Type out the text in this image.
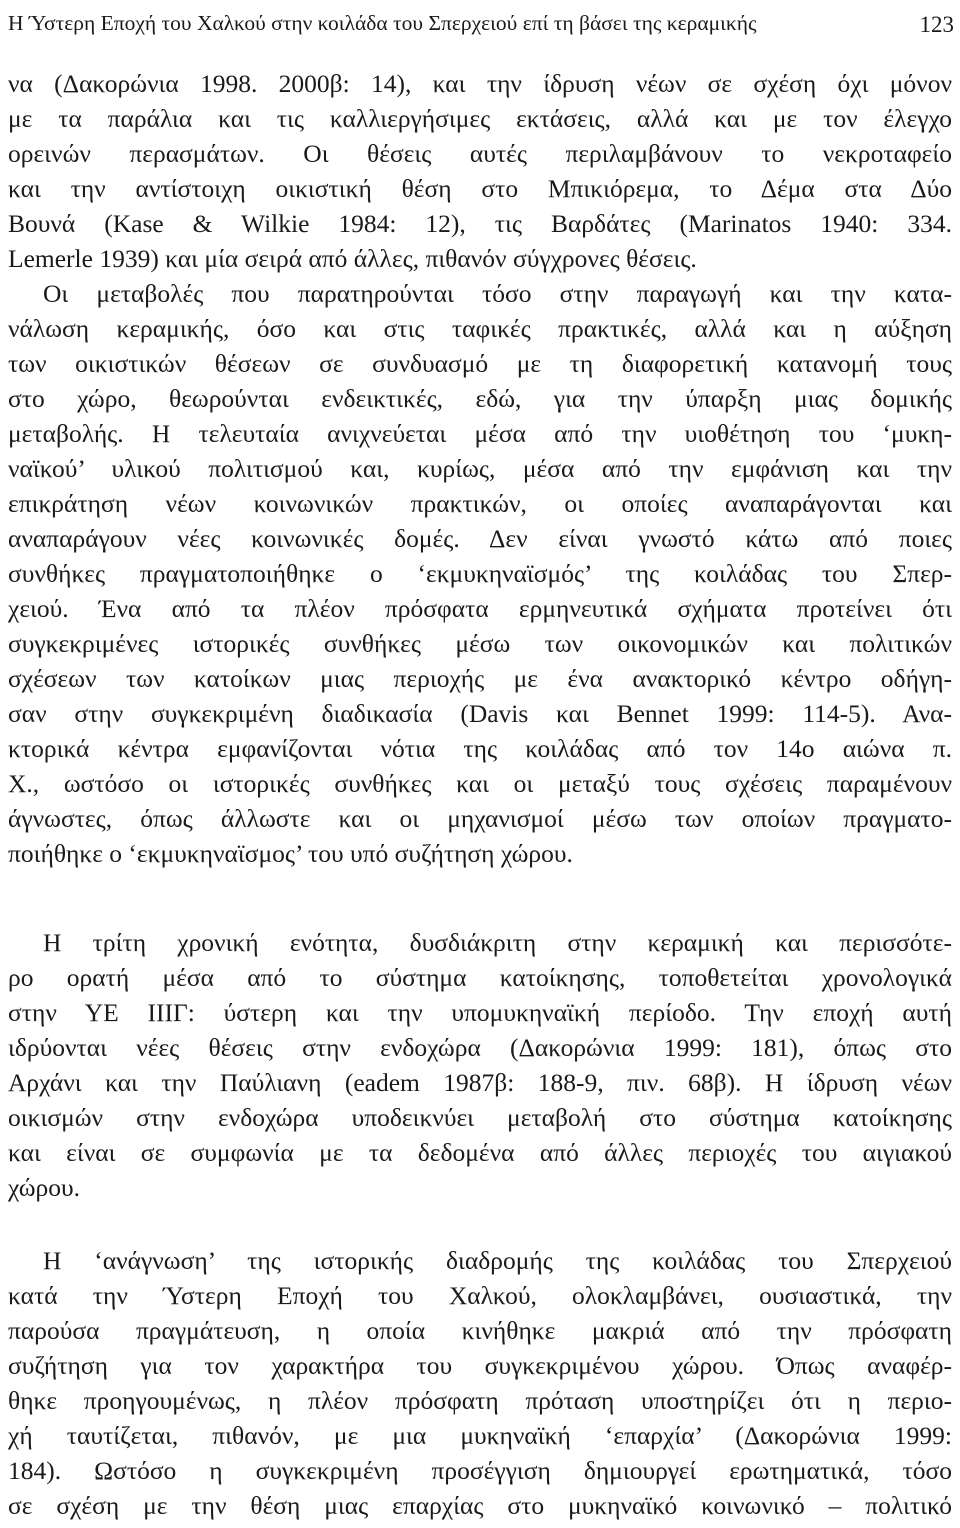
Η Ύστερη Εποχή του Χαλκού στην κοιλάδα του Σπερχειού επί τη βάσει της κεραμικής	123
να (Δακορώνια 1998. 2000β: 14), και την ίδρυση νέων σε σχέση όχι μόνον
με τα παράλια και τις καλλιεργήσιμες εκτάσεις, αλλά και με τον έλεγχο
ορεινών περασμάτων. Οι θέσεις αυτές περιλαμβάνουν το νεκροταφείο
και την αντίστοιχη οικιστική θέση στο Μπικιόρεμα, το Δέμα στα Δύο
Βουνά (Kase & Wilkie 1984: 12), τις Βαρδάτες (Marinatos 1940: 334.
Lemerle 1939) και μία σειρά από άλλες, πιθανόν σύγχρονες θέσεις.
Οι μεταβολές που παρατηρούνται τόσο στην παραγωγή και την κατα-
νάλωση κεραμικής, όσο και στις ταφικές πρακτικές, αλλά και η αύξηση
των οικιστικών θέσεων σε συνδυασμό με τη διαφορετική κατανομή τους
στο χώρο, θεωρούνται ενδεικτικές, εδώ, για την ύπαρξη μιας δομικής
μεταβολής. Η τελευταία ανιχνεύεται μέσα από την υιοθέτηση του ‘μυκη-
ναϊκού’ υλικού πολιτισμού και, κυρίως, μέσα από την εμφάνιση και την
επικράτηση νέων κοινωνικών πρακτικών, οι οποίες αναπαράγονται και
αναπαράγουν νέες κοινωνικές δομές. Δεν είναι γνωστό κάτω από ποιες
συνθήκες πραγματοποιήθηκε ο ‘εκμυκηναϊσμός’ της κοιλάδας του Σπερ-
χειού. Ένα από τα πλέον πρόσφατα ερμηνευτικά σχήματα προτείνει ότι
συγκεκριμένες ιστορικές συνθήκες μέσω των οικονομικών και πολιτικών
σχέσεων των κατοίκων μιας περιοχής με ένα ανακτορικό κέντρο οδήγη-
σαν στην συγκεκριμένη διαδικασία (Davis και Bennet 1999: 114-5). Ανα-
κτορικά κέντρα εμφανίζονται νότια της κοιλάδας από τον 14ο αιώνα π.
Χ., ωστόσο οι ιστορικές συνθήκες και οι μεταξύ τους σχέσεις παραμένουν
άγνωστες, όπως άλλωστε και οι μηχανισμοί μέσω των οποίων πραγματο-
ποιήθηκε ο ‘εκμυκηναϊσμος’ του υπό συζήτηση χώρου.
Η τρίτη χρονική ενότητα, δυσδιάκριτη στην κεραμική και περισσότε-
ρο ορατή μέσα από το σύστημα κατοίκησης, τοποθετείται χρονολογικά
στην ΥΕ ΙΙΙΓ: ύστερη και την υπομυκηναϊκή περίοδο. Την εποχή αυτή
ιδρύονται νέες θέσεις στην ενδοχώρα (Δακορώνια 1999: 181), όπως στο
Αρχάνι και την Παύλιανη (eadem 1987β: 188-9, πιν. 68β). Η ίδρυση νέων
οικισμών στην ενδοχώρα υποδεικνύει μεταβολή στο σύστημα κατοίκησης
και είναι σε συμφωνία με τα δεδομένα από άλλες περιοχές του αιγιακού
χώρου.
Η ‘ανάγνωση’ της ιστορικής διαδρομής της κοιλάδας του Σπερχειού
κατά την Ύστερη Εποχή του Χαλκού, ολοκλαμβάνει, ουσιαστικά, την
παρούσα πραγμάτευση, η οποία κινήθηκε μακριά από την πρόσφατη
συζήτηση για τον χαρακτήρα του συγκεκριμένου χώρου. Όπως αναφέρ-
θηκε προηγουμένως, η πλέον πρόσφατη πρόταση υποστηρίζει ότι η περιο-
χή ταυτίζεται, πιθανόν, με μια μυκηναϊκή ‘επαρχία’ (Δακορώνια 1999:
184). Ωστόσο η συγκεκριμένη προσέγγιση δημιουργεί ερωτηματικά, τόσο
σε σχέση με την θέση μιας επαρχίας στο μυκηναϊκό κοινωνικό – πολιτικό
